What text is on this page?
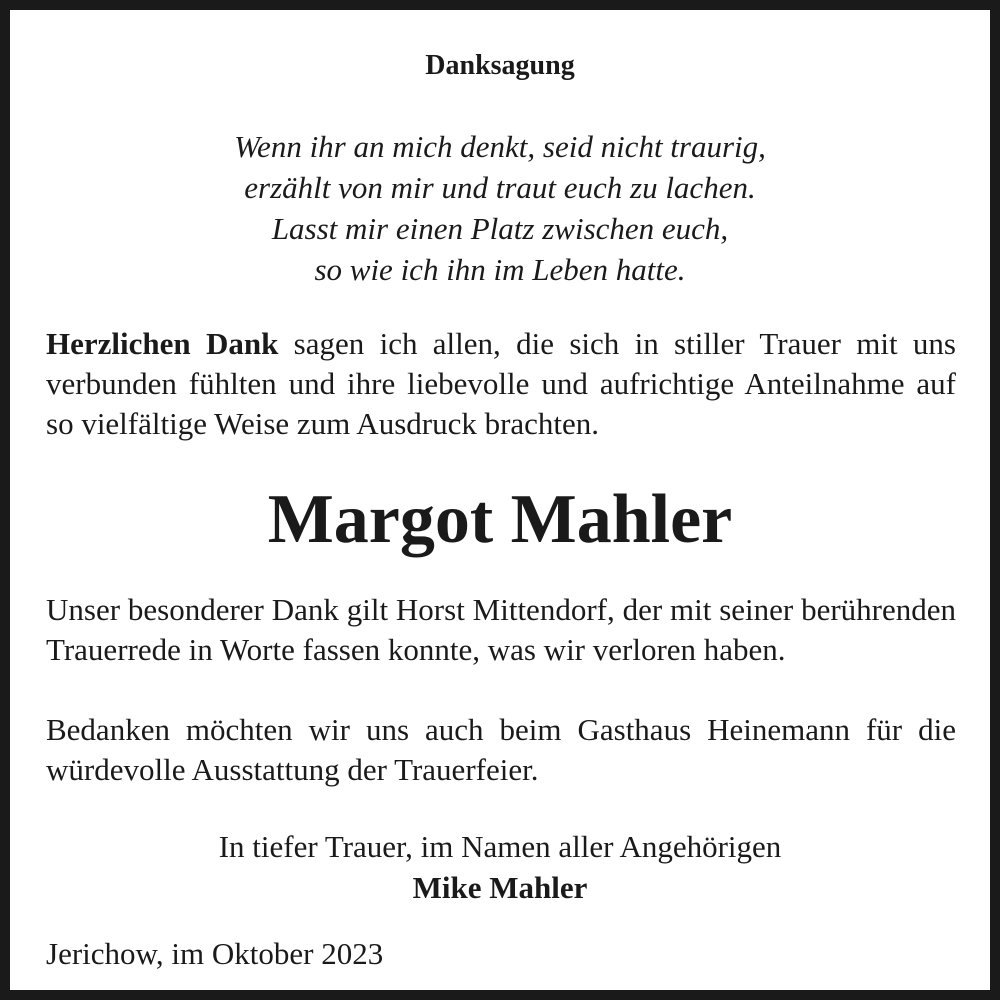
Danksagung
Wenn ihr an mich denkt, seid nicht traurig,
erzählt von mir und traut euch zu lachen.
Lasst mir einen Platz zwischen euch,
so wie ich ihn im Leben hatte.
Herzlichen Dank sagen ich allen, die sich in stiller Trauer mit uns verbunden fühlten und ihre liebevolle und aufrichtige Anteilnahme auf so vielfältige Weise zum Ausdruck brachten.
Margot Mahler
Unser besonderer Dank gilt Horst Mittendorf, der mit seiner berührenden Trauerrede in Worte fassen konnte, was wir verloren haben.
Bedanken möchten wir uns auch beim Gasthaus Heinemann für die würdevolle Ausstattung der Trauerfeier.
In tiefer Trauer, im Namen aller Angehörigen
Mike Mahler
Jerichow, im Oktober 2023
